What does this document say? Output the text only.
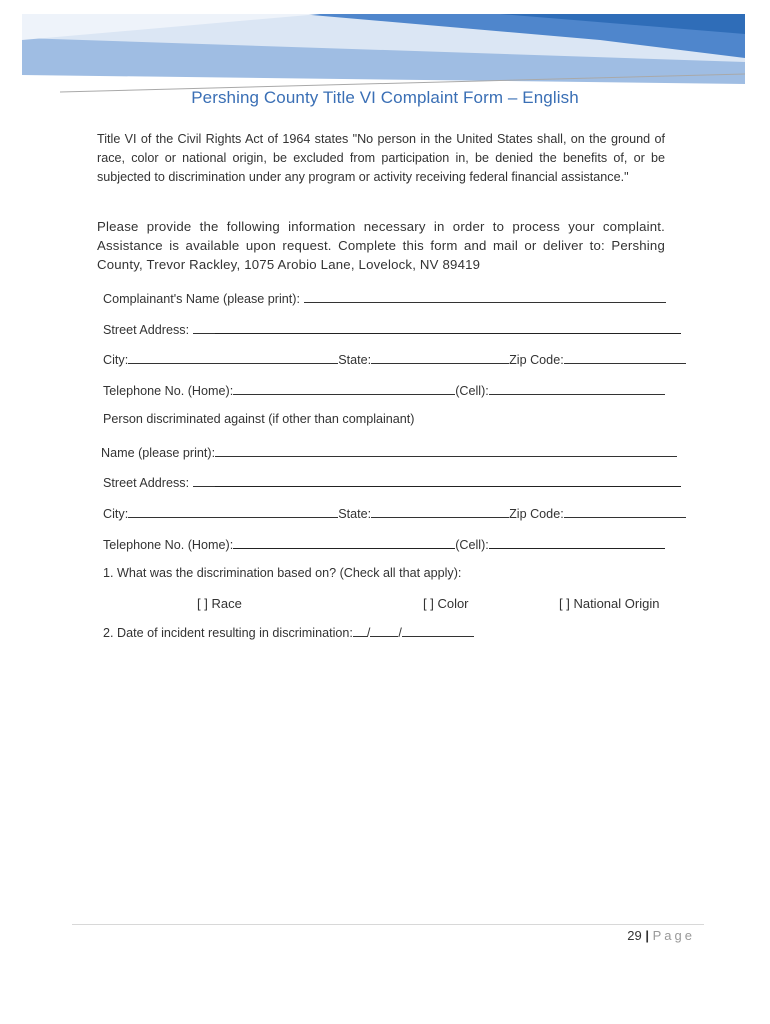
Pershing County Title VI Complaint Form – English
Title VI of the Civil Rights Act of 1964 states "No person in the United States shall, on the ground of race, color or national origin, be excluded from participation in, be denied the benefits of, or be subjected to discrimination under any program or activity receiving federal financial assistance."
Please provide the following information necessary in order to process your complaint. Assistance is available upon request. Complete this form and mail or deliver to: Pershing County, Trevor Rackley, 1075 Arobio Lane, Lovelock, NV 89419
Complainant's Name (please print):
Street Address:
City:	State:	Zip Code:
Telephone No. (Home):	(Cell):
Person discriminated against (if other than complainant)
Name (please print):
Street Address:
City:	State:	Zip Code:
Telephone No. (Home):	(Cell):
1. What was the discrimination based on? (Check all that apply):
[ ] Race	[ ] Color	[ ] National Origin
2. Date of incident resulting in discrimination: / /
29 | Page
